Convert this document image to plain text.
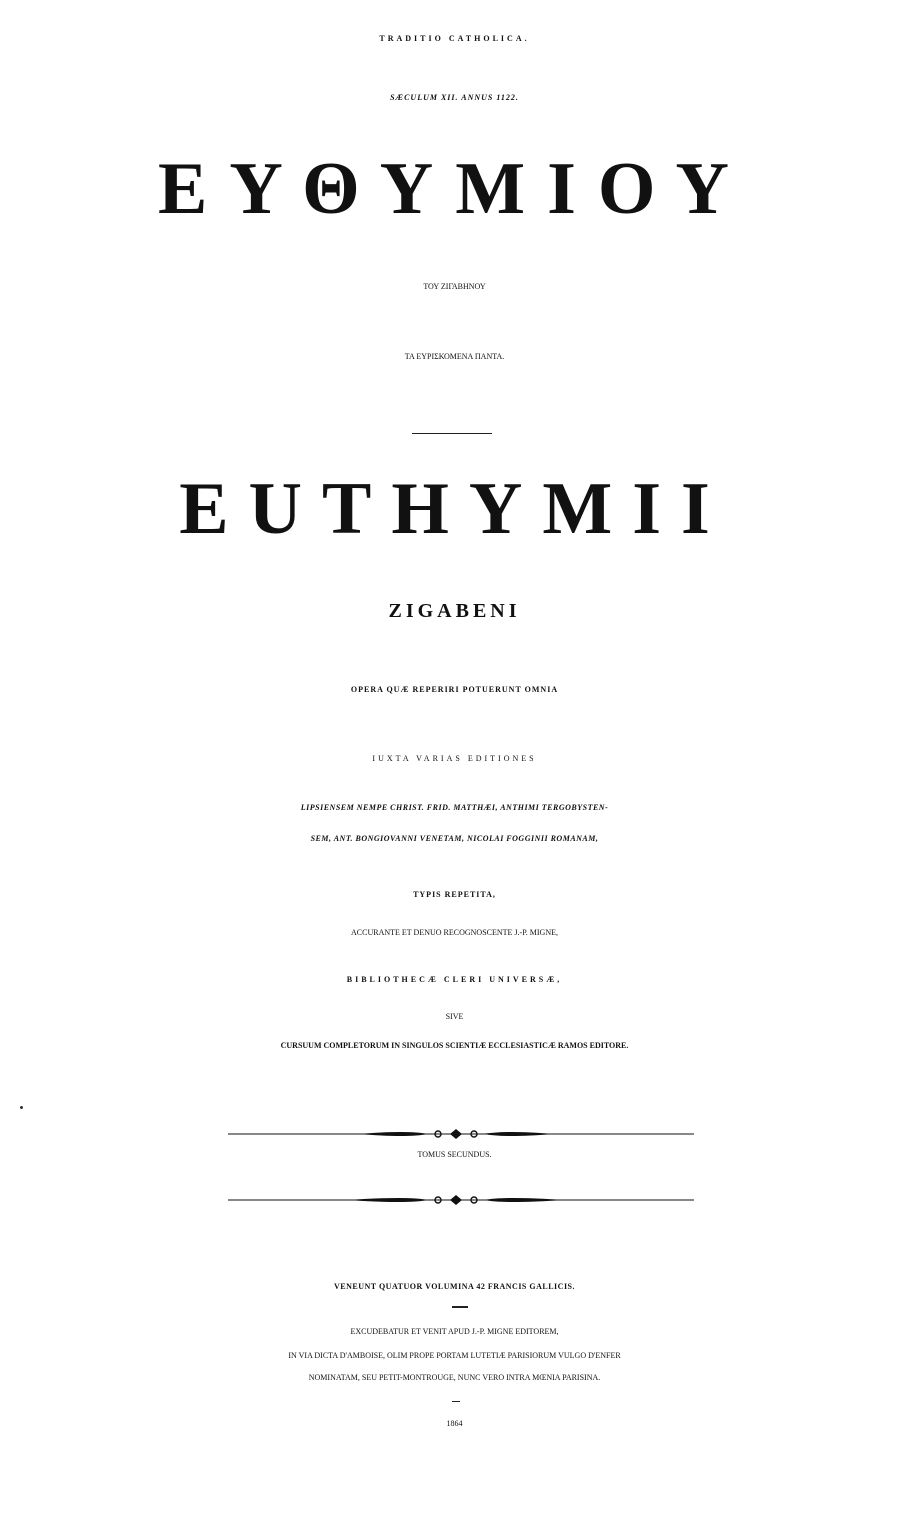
TRADITIO CATHOLICA.
SÆCULUM XII. ANNUS 1122.
ΕΥΘΥΜΙΟΥ
ΤΟΥ ΖΙΓΑΒΗΝΟΥ
ΤΑ ΕΥΡΙΣΚΟΜΕΝΑ ΠΑΝΤΑ.
EUTHYMII
ZIGABENI
OPERA QUÆ REPERIRI POTUERUNT OMNIA
IUXTA VARIAS EDITIONES
LIPSIENSEM NEMPE CHRIST. FRID. MATTHÆI, ANTHIMI TERGOBYSTEN-
SEM, ANT. BONGIOVANNI VENETAM, NICOLAI FOGGINII ROMANAM,
TYPIS REPETITA,
ACCURANTE ET DENUO RECOGNOSCENTE J.-P. MIGNE,
BIBLIOTHECÆ CLERI UNIVERSÆ,
SIVE
CURSUUM COMPLETORUM IN SINGULOS SCIENTIÆ ECCLESIASTICÆ RAMOS EDITORE.
TOMUS SECUNDUS.
VENEUNT QUATUOR VOLUMINA 42 FRANCIS GALLICIS.
EXCUDEBATUR ET VENIT APUD J.-P. MIGNE EDITOREM,
IN VIA DICTA D'AMBOISE, OLIM PROPE PORTAM LUTETIÆ PARISIORUM VULGO D'ENFER
NOMINATAM, SEU PETIT-MONTROUGE, NUNC VERO INTRA MŒNIA PARISINA.
1864
